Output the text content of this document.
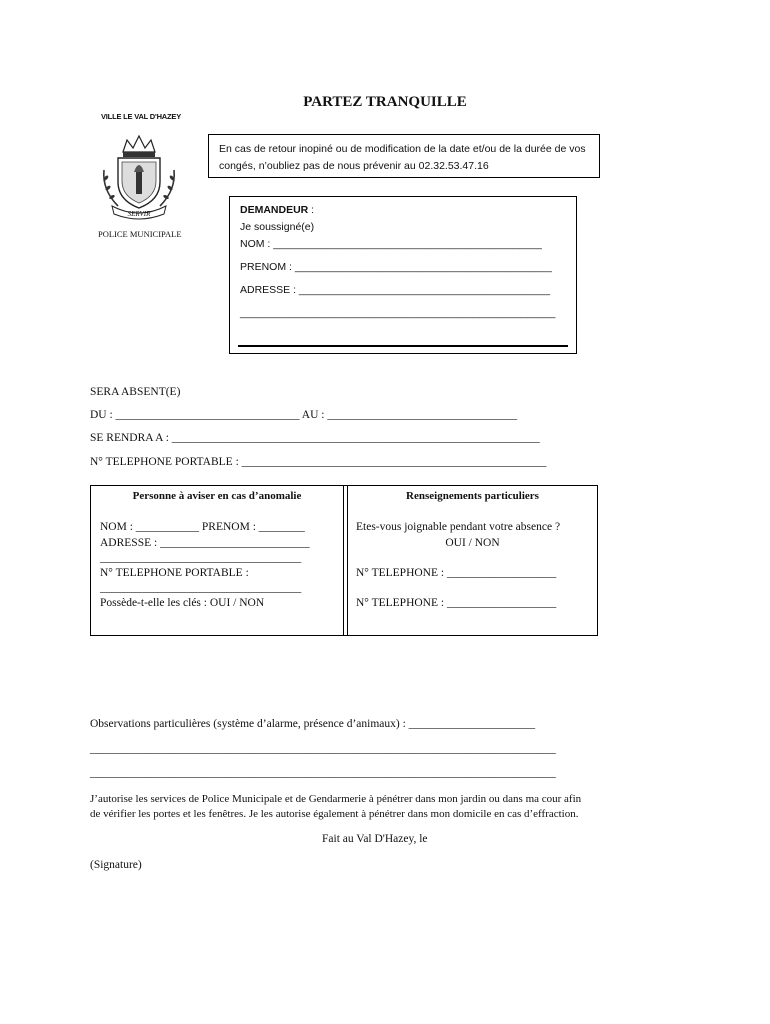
PARTEZ TRANQUILLE
VILLE LE VAL D'HAZEY
SERVIR
POLICE MUNICIPALE
En cas de retour inopiné ou de modification de la date et/ou de la durée de vos congés, n’oubliez pas de nous prévenir au 02.32.53.47.16
DEMANDEUR :
Je soussigné(e)
NOM : ______________________________________________
PRENOM : ____________________________________________
ADRESSE : ___________________________________________
______________________________________________________
SERA ABSENT(E)
DU : ________________________________ AU : _________________________________
SE RENDRA A : ________________________________________________________________
N° TELEPHONE PORTABLE : _____________________________________________________
Personne à aviser en cas d’anomalie
NOM : ___________ PRENOM : ________
ADRESSE : __________________________
___________________________________
N° TELEPHONE PORTABLE :
___________________________________
Possède-t-elle les clés : OUI / NON
Renseignements particuliers
Etes-vous joignable pendant votre absence ?
OUI / NON
N° TELEPHONE : ___________________
N° TELEPHONE : ___________________
Observations particulières (système d’alarme, présence d’animaux) : ______________________
_________________________________________________________________________________
_________________________________________________________________________________
J’autorise les services de Police Municipale et de Gendarmerie à pénétrer dans mon jardin ou dans ma cour afin
de vérifier les portes et les fenêtres. Je les autorise également à pénétrer dans mon domicile en cas d’effraction.
Fait au Val D'Hazey, le
(Signature)
